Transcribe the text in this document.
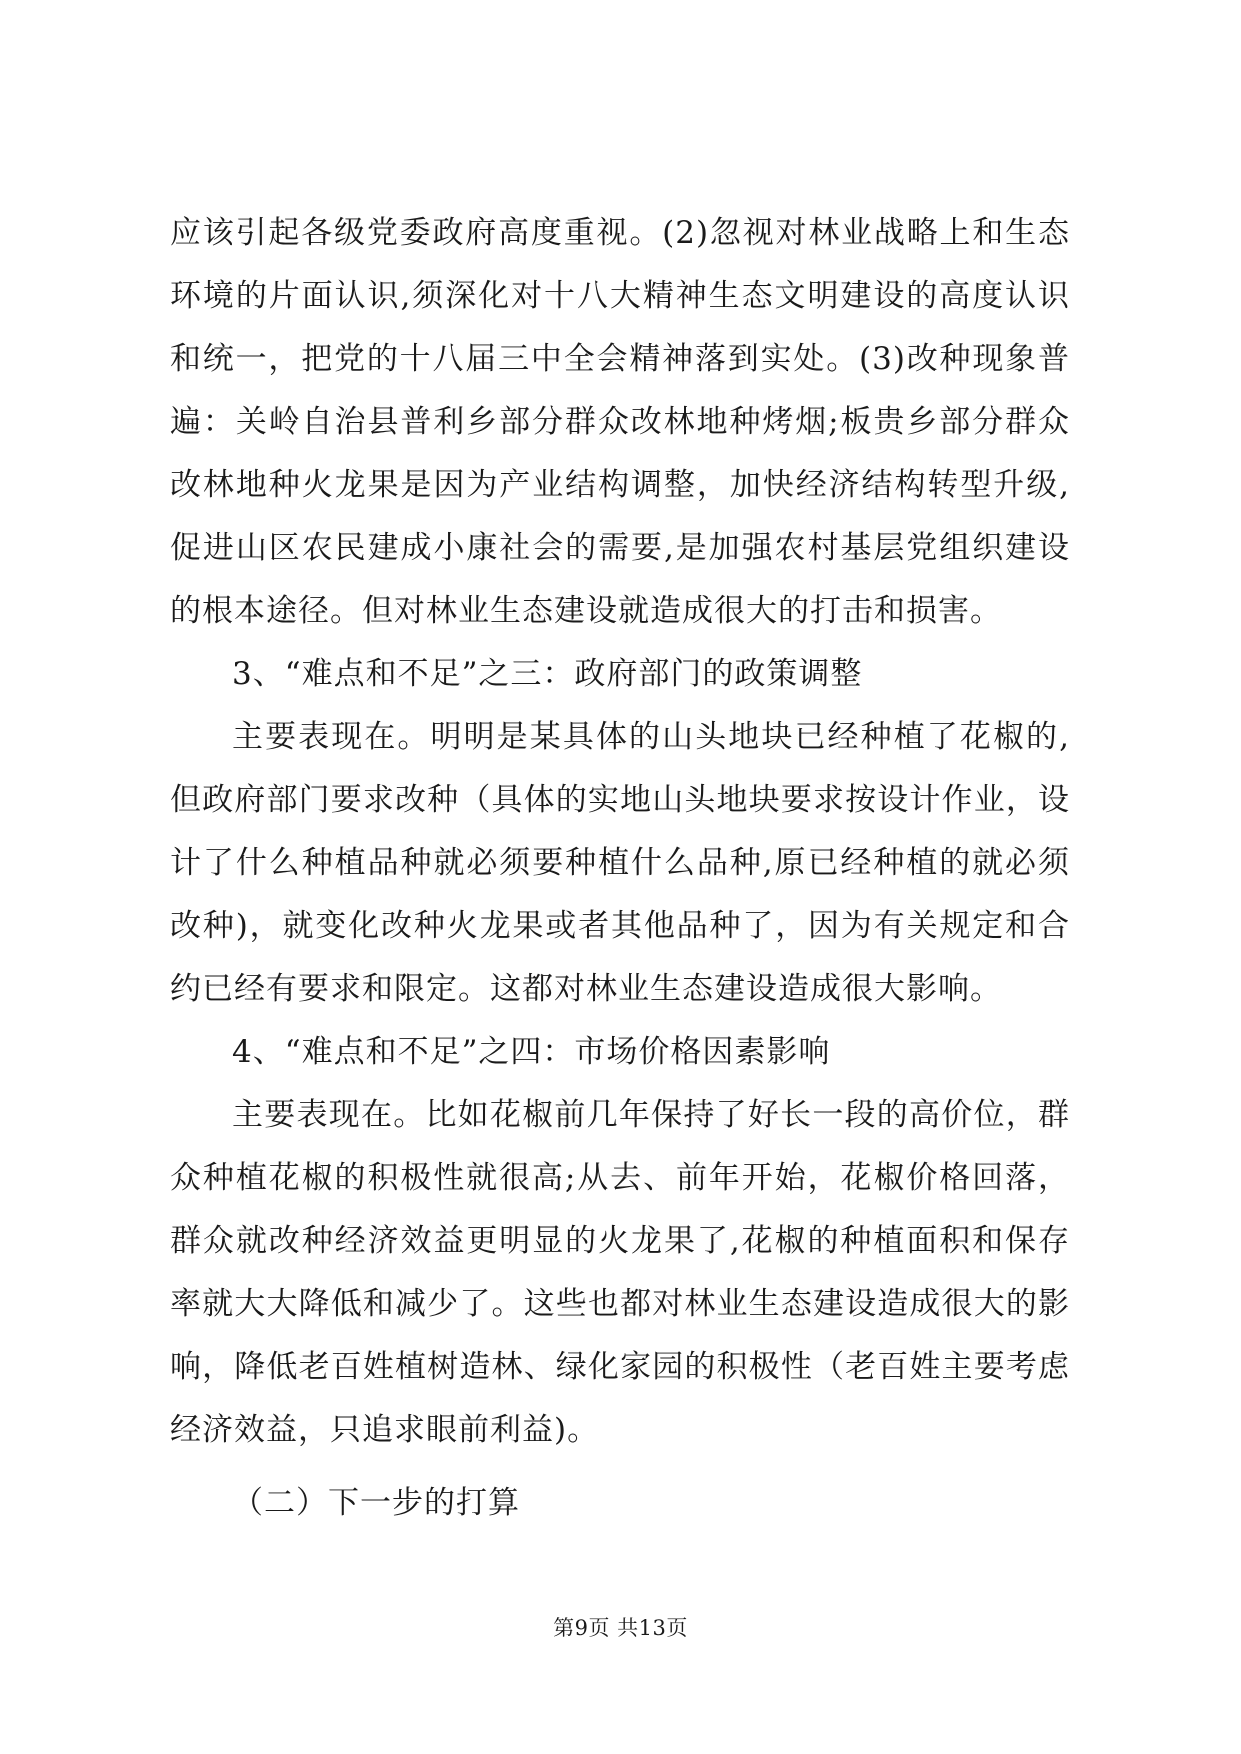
应该引起各级党委政府高度重视。(2)忽视对林业战略上和生态
环境的片面认识,须深化对十八大精神生态文明建设的高度认识
和统一，把党的十八届三中全会精神落到实处。(3)改种现象普
遍：关岭自治县普利乡部分群众改林地种烤烟;板贵乡部分群众
改林地种火龙果是因为产业结构调整，加快经济结构转型升级,
促进山区农民建成小康社会的需要,是加强农村基层党组织建设
的根本途径。但对林业生态建设就造成很大的打击和损害。
3、“难点和不足”之三：政府部门的政策调整
主要表现在。明明是某具体的山头地块已经种植了花椒的,
但政府部门要求改种（具体的实地山头地块要求按设计作业，设
计了什么种植品种就必须要种植什么品种,原已经种植的就必须
改种)，就变化改种火龙果或者其他品种了，因为有关规定和合
约已经有要求和限定。这都对林业生态建设造成很大影响。
4、“难点和不足”之四：市场价格因素影响
主要表现在。比如花椒前几年保持了好长一段的高价位，群
众种植花椒的积极性就很高;从去、前年开始，花椒价格回落，
群众就改种经济效益更明显的火龙果了,花椒的种植面积和保存
率就大大降低和减少了。这些也都对林业生态建设造成很大的影
响，降低老百姓植树造林、绿化家园的积极性（老百姓主要考虑
经济效益，只追求眼前利益)。
（二）下一步的打算
第9页 共13页
